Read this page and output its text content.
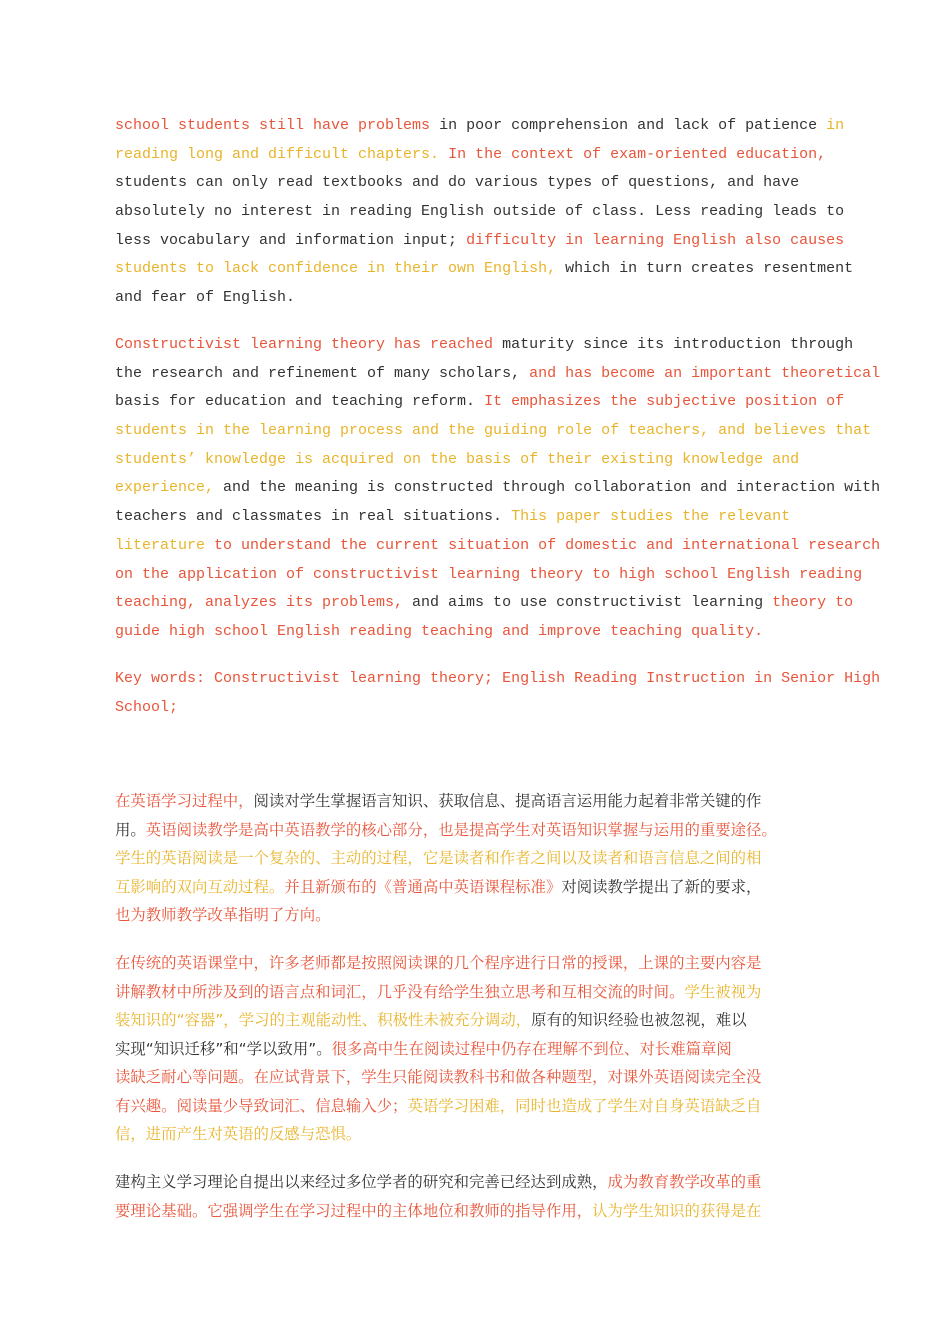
school students still have problems in poor comprehension and lack of patience in
reading long and difficult chapters. In the context of exam-oriented education,
students can only read textbooks and do various types of questions, and have
absolutely no interest in reading English outside of class. Less reading leads to
less vocabulary and information input; difficulty in learning English also causes
students to lack confidence in their own English, which in turn creates resentment
and fear of English.
Constructivist learning theory has reached maturity since its introduction through
the research and refinement of many scholars, and has become an important theoretical
basis for education and teaching reform. It emphasizes the subjective position of
students in the learning process and the guiding role of teachers, and believes that
students’ knowledge is acquired on the basis of their existing knowledge and
experience, and the meaning is constructed through collaboration and interaction with
teachers and classmates in real situations. This paper studies the relevant
literature to understand the current situation of domestic and international research
on the application of constructivist learning theory to high school English reading
teaching, analyzes its problems, and aims to use constructivist learning theory to
guide high school English reading teaching and improve teaching quality.
Key words: Constructivist learning theory; English Reading Instruction in Senior High
School;
在英语学习过程中，阅读对学生掌握语言知识、获取信息、提高语言运用能力起着非常关键的作
用。英语阅读教学是高中英语教学的核心部分，也是提高学生对英语知识掌握与运用的重要途径。
学生的英语阅读是一个复杂的、主动的过程，它是读者和作者之间以及读者和语言信息之间的相
互影响的双向互动过程。并且新颁布的《普通高中英语课程标准》对阅读教学提出了新的要求，
也为教师教学改革指明了方向。
在传统的英语课堂中，许多老师都是按照阅读课的几个程序进行日常的授课，上课的主要内容是
讲解教材中所涉及到的语言点和词汇，几乎没有给学生独立思考和互相交流的时间。学生被视为
装知识的“容器”，学习的主观能动性、积极性未被充分调动，原有的知识经验也被忽视，难以
实现“知识迁移”和“学以致用”。很多高中生在阅读过程中仍存在理解不到位、对长难篇章阅
读缺乏耐心等问题。在应试背景下，学生只能阅读教科书和做各种题型，对课外英语阅读完全没
有兴趣。阅读量少导致词汇、信息输入少；英语学习困难，同时也造成了学生对自身英语缺乏自
信，进而产生对英语的反感与恐惧。
建构主义学习理论自提出以来经过多位学者的研究和完善已经达到成熟，成为教育教学改革的重
要理论基础。它强调学生在学习过程中的主体地位和教师的指导作用，认为学生知识的获得是在
